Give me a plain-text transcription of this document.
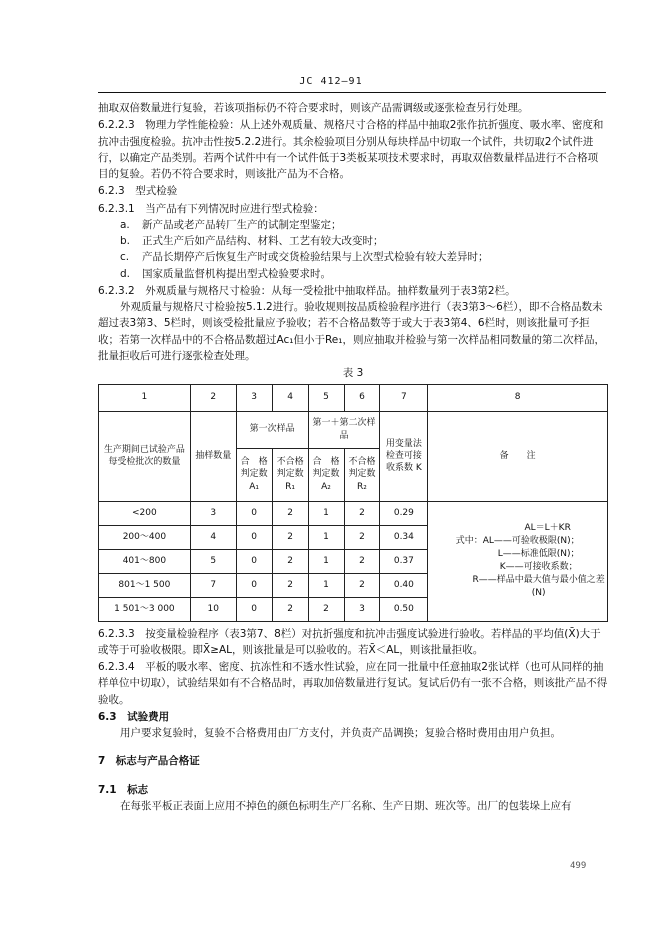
JC 412—91

抽取双倍数量进行复验，若该项指标仍不符合要求时，则该产品需调级或逐张检查另行处理。

6.2.2.3　物理力学性能检验：从上述外观质量、规格尺寸合格的样品中抽取2张作抗折强度、吸水率、密度和抗冲击强度检验。抗冲击性按5.2.2进行。其余检验项目分别从每块样品中切取一个试件，共切取2个试件进行，以确定产品类别。若两个试件中有一个试件低于3类板某项技术要求时，再取双倍数量样品进行不合格项目的复验。若仍不符合要求时，则该批产品为不合格。

6.2.3　型式检验

6.2.3.1　当产品有下列情况时应进行型式检验：

a.	新产品或老产品转厂生产的试制定型鉴定；
b.	正式生产后如产品结构、材料、工艺有较大改变时；
c.	产品长期停产后恢复生产时或交货检验结果与上次型式检验有较大差异时；
d.	国家质量监督机构提出型式检验要求时。

6.2.3.2　外观质量与规格尺寸检验：从每一受检批中抽取样品。抽样数量列于表3第2栏。

外观质量与规格尺寸检验按5.1.2进行。验收规则按品质检验程序进行（表3第3～6栏），即不合格品数未超过表3第3、5栏时，则该受检批量应予验收；若不合格品数等于或大于表3第4、6栏时，则该批量可予拒收；若第一次样品中的不合格品数超过Ac₁但小于Re₁，则应抽取并检验与第一次样品相同数量的第二次样品，批量拒收后可进行逐张检查处理。

表 3

1	2	3	4	5	6	7	8
生产期间已试验产品每受检批次的数量	抽样数量	第一次样品		第一＋第二次样品		用变量法检查可接收系数 K	备　　注
		合　格判定数 A₁	不合格判定数 R₁	合　格判定数 A₂	不合格判定数 R₂		
<200	3	0	2	1	2	0.29	AL＝L＋KR
式中：AL——可验收极限(N)；
L——标准低限(N)；
K——可接收系数；
R——样品中最大值与最小值之差(N)

200～400	4	0	2	1	2	0.34	
401～800	5	0	2	1	2	0.37	
801～1 500	7	0	2	1	2	0.40	
1 501～3 000	10	0	2	2	3	0.50	

6.2.3.3　按变量检验程序（表3第7、8栏）对抗折强度和抗冲击强度试验进行验收。若样品的平均值(X̄)大于或等于可验收极限。即X̄≥AL，则该批量是可以验收的。若X̄＜AL，则该批量拒收。

6.2.3.4　平板的吸水率、密度、抗冻性和不透水性试验，应在同一批量中任意抽取2张试样（也可从同样的抽样单位中切取），试验结果如有不合格品时，再取加倍数量进行复试。复试后仍有一张不合格，则该批产品不得验收。

6.3　试验费用

用户要求复验时，复验不合格费用由厂方支付，并负责产品调换；复验合格时费用由用户负担。

7　标志与产品合格证

7.1　标志

在每张平板正表面上应用不掉色的颜色标明生产厂名称、生产日期、班次等。出厂的包装垛上应有

499
